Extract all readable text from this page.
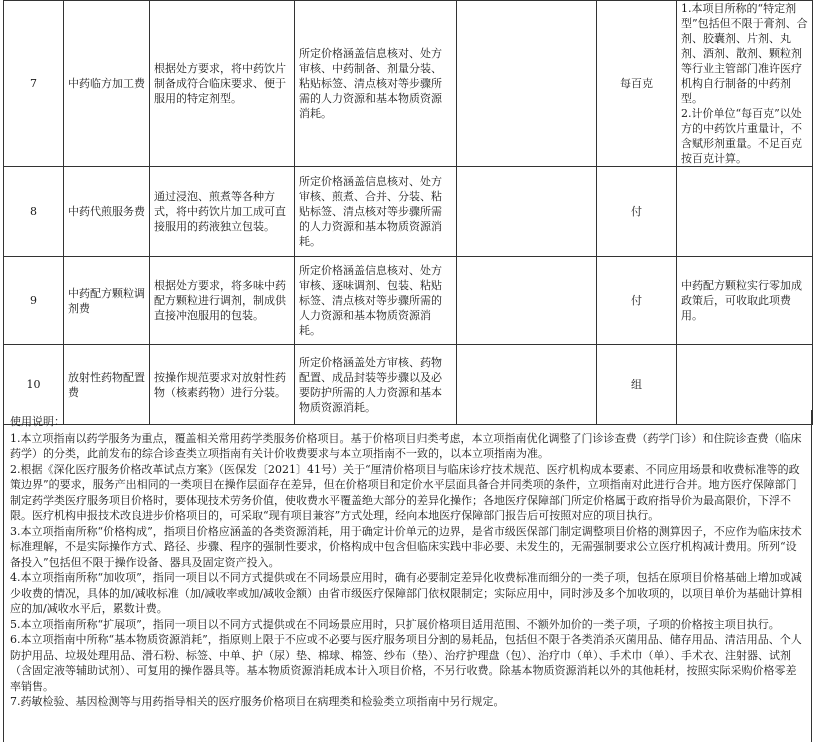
7	中药临方加工费	根据处方要求，将中药饮片制备成符合临床要求、便于服用的特定剂型。	所定价格涵盖信息核对、处方审核、中药制备、剂量分装、粘贴标签、清点核对等步骤所需的人力资源和基本物质资源消耗。		每百克	1.本项目所称的“特定剂型”包括但不限于膏剂、合剂、胶囊剂、片剂、丸剂、酒剂、散剂、颗粒剂等行业主管部门准许医疗机构自行制备的中药剂型。
2.计价单位“每百克”以处方的中药饮片重量计，不含赋形剂重量。不足百克按百克计算。

8	中药代煎服务费	通过浸泡、煎煮等各种方式，将中药饮片加工成可直接服用的药液独立包装。	所定价格涵盖信息核对、处方审核、煎煮、合并、分装、粘贴标签、清点核对等步骤所需的人力资源和基本物质资源消耗。		付	
9	中药配方颗粒调剂费	根据处方要求，将多味中药配方颗粒进行调剂，制成供直接冲泡服用的包装。	所定价格涵盖信息核对、处方审核、逐味调剂、包装、粘贴标签、清点核对等步骤所需的人力资源和基本物质资源消耗。		付	中药配方颗粒实行零加成政策后，可收取此项费用。
10	放射性药物配置费	按操作规范要求对放射性药物（核素药物）进行分装。	所定价格涵盖处方审核、药物配置、成品封装等步骤以及必要防护所需的人力资源和基本物质资源消耗。		组	

使用说明：

1.本立项指南以药学服务为重点，覆盖相关常用药学类服务价格项目。基于价格项目归类考虑，本立项指南优化调整了门诊诊查费（药学门诊）和住院诊查费（临床药学）的分类，此前发布的综合诊查类立项指南有关计价收费要求与本立项指南不一致的，以本立项指南为准。

2.根据《深化医疗服务价格改革试点方案》（医保发〔2021〕41号）关于“厘清价格项目与临床诊疗技术规范、医疗机构成本要素、不同应用场景和收费标准等的政策边界”的要求，服务产出相同的一类项目在操作层面存在差异，但在价格项目和定价水平层面具备合并同类项的条件，立项指南对此进行合并。地方医疗保障部门制定药学类医疗服务项目价格时，要体现技术劳务价值，使收费水平覆盖绝大部分的差异化操作；各地医疗保障部门所定价格属于政府指导价为最高限价，下浮不限。医疗机构申报技术改良进步价格项目的，可采取“现有项目兼容”方式处理，经向本地医疗保障部门报告后可按照对应的项目执行。

3.本立项指南所称“价格构成”，指项目价格应涵盖的各类资源消耗，用于确定计价单元的边界，是省市级医保部门制定调整项目价格的测算因子，不应作为临床技术标准理解，不是实际操作方式、路径、步骤、程序的强制性要求，价格构成中包含但临床实践中非必要、未发生的，无需强制要求公立医疗机构减计费用。所列“设备投入”包括但不限于操作设备、器具及固定资产投入。

4.本立项指南所称“加收项”，指同一项目以不同方式提供或在不同场景应用时，确有必要制定差异化收费标准而细分的一类子项，包括在原项目价格基础上增加或减少收费的情况，具体的加/减收标准（加/减收率或加/减收金额）由省市级医疗保障部门依权限制定；实际应用中，同时涉及多个加收项的，以项目单价为基础计算相应的加/减收水平后，累数计费。

5.本立项指南所称“扩展项”，指同一项目以不同方式提供或在不同场景应用时，只扩展价格项目适用范围、不额外加价的一类子项，子项的价格按主项目执行。

6.本立项指南中所称“基本物质资源消耗”，指原则上限于不应或不必要与医疗服务项目分割的易耗品，包括但不限于各类消杀灭菌用品、储存用品、清洁用品、个人防护用品、垃圾处理用品、滑石粉、标签、中单、护（尿）垫、棉球、棉签、纱布（垫）、治疗护理盘（包）、治疗巾（单）、手术巾（单）、手术衣、注射器、试剂（含固定液等辅助试剂）、可复用的操作器具等。基本物质资源消耗成本计入项目价格，不另行收费。除基本物质资源消耗以外的其他耗材，按照实际采购价格零差率销售。

7.药敏检验、基因检测等与用药指导相关的医疗服务价格项目在病理类和检验类立项指南中另行规定。
